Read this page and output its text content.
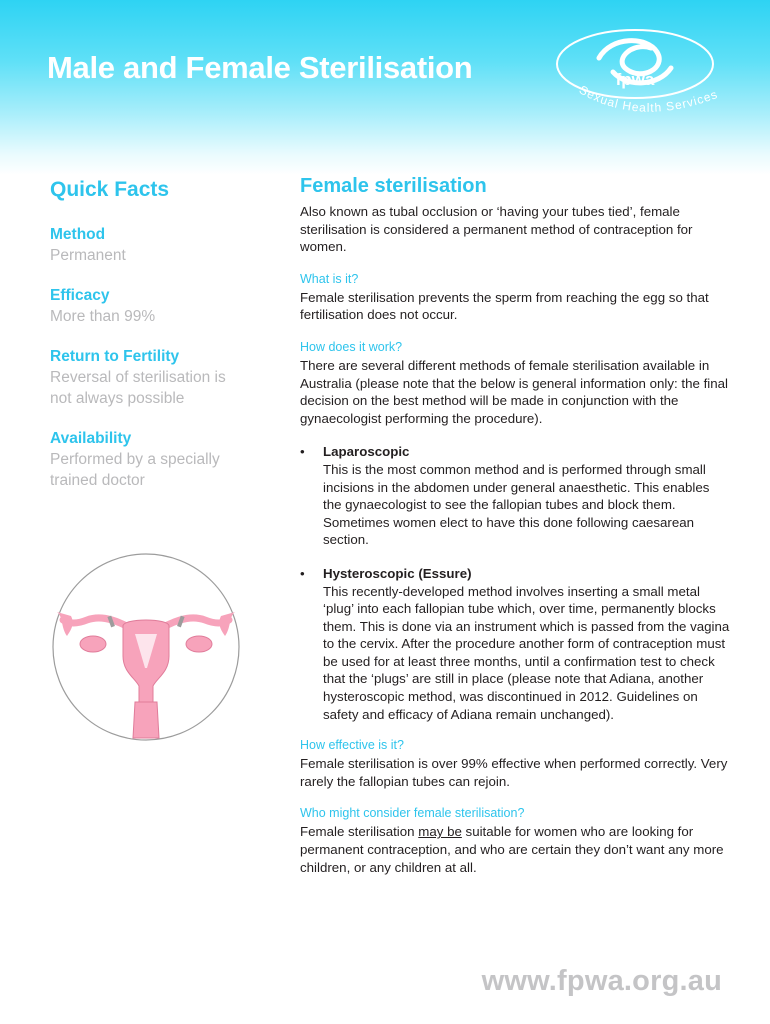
Male and Female Sterilisation	fpwa
Sexual Health Services
Quick Facts
Method
Permanent
Efficacy
More than 99%
Return to Fertility
Reversal of sterilisation is not always possible
Availability
Performed by a specially trained doctor
Female sterilisation

Also known as tubal occlusion or ‘having your tubes tied’, female sterilisation is considered a permanent method of contraception for women.

What is it?

Female sterilisation prevents the sperm from reaching the egg so that fertilisation does not occur.

How does it work?

There are several different methods of female sterilisation available in Australia (please note that the below is general information only: the final decision on the best method will be made in conjunction with the gynaecologist performing the procedure).

• Laparoscopic

This is the most common method and is performed through small incisions in the abdomen under general anaesthetic. This enables the gynaecologist to see the fallopian tubes and block them. Sometimes women elect to have this done following caesarean section.

• Hysteroscopic (Essure)

This recently-developed method involves inserting a small metal ‘plug’ into each fallopian tube which, over time, permanently blocks them. This is done via an instrument which is passed from the vagina to the cervix. After the procedure another form of contraception must be used for at least three months, until a confirmation test to check that the ‘plugs’ are still in place (please note that Adiana, another hysteroscopic method, was discontinued in 2012. Guidelines on safety and efficacy of Adiana remain unchanged).

How effective is it?

Female sterilisation is over 99% effective when performed correctly. Very rarely the fallopian tubes can rejoin.

Who might consider female sterilisation?

Female sterilisation may be suitable for women who are looking for permanent contraception, and who are certain they don’t want any more children, or any children at all.

www.fpwa.org.au
